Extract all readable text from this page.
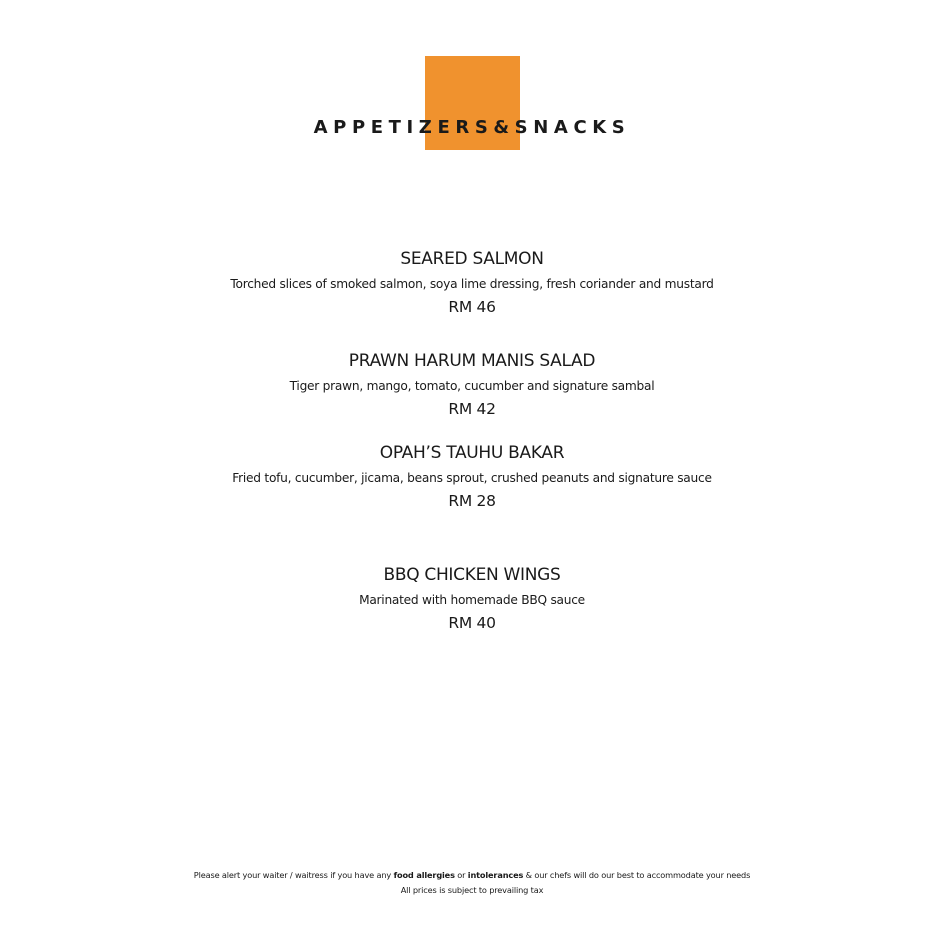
APPETIZERS&SNACKS
SEARED SALMON
Torched slices of smoked salmon, soya lime dressing, fresh coriander and mustard
RM 46
PRAWN HARUM MANIS SALAD
Tiger prawn, mango, tomato, cucumber and signature sambal
RM 42
OPAH’S TAUHU BAKAR
Fried tofu, cucumber, jicama, beans sprout, crushed peanuts and signature sauce
RM 28
BBQ CHICKEN WINGS
Marinated with homemade BBQ sauce
RM 40
Please alert your waiter / waitress if you have any food allergies or intolerances & our chefs will do our best to accommodate your needs
All prices is subject to prevailing tax
